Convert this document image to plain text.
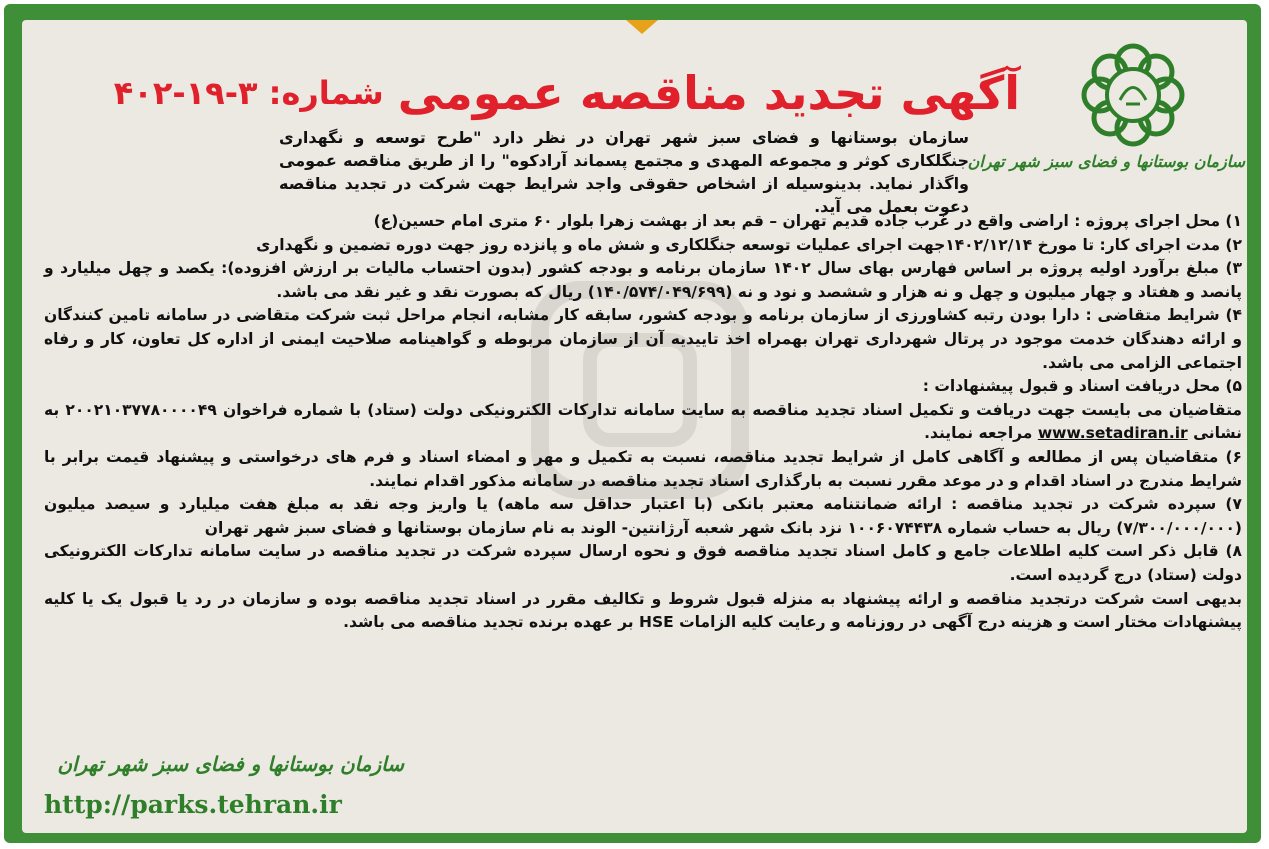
سازمان بوستانها و فضای سبز شهر تهران
آگهی تجدید مناقصه عمومی
شماره: ۳-۱۹-۴۰۲
سازمان بوستانها و فضای سبز شهر تهران در نظر دارد "طرح توسعه و نگهداری جنگلکاری کوثر و مجموعه المهدی و مجتمع پسماند آرادکوه" را از طریق مناقصه عمومی واگذار نماید. بدینوسیله از اشخاص حقوقی واجد شرایط جهت شرکت در تجدید مناقصه دعوت بعمل می آید.

۱) محل اجرای پروژه : اراضی واقع در غرب جاده قدیم تهران – قم بعد از بهشت زهرا بلوار ۶۰ متری امام حسین(ع)

۲) مدت اجرای کار: تا مورخ ۱۴۰۲/۱۲/۱۴جهت اجرای عملیات توسعه جنگلکاری و شش ماه و پانزده روز جهت دوره تضمین و نگهداری

۳) مبلغ برآورد اولیه پروژه بر اساس فهارس بهای سال ۱۴۰۲ سازمان برنامه و بودجه کشور (بدون احتساب مالیات بر ارزش افزوده): یکصد و چهل میلیارد و پانصد و هفتاد و چهار میلیون و چهل و نه هزار و ششصد و نود و نه (۱۴۰/۵۷۴/۰۴۹/۶۹۹) ریال که بصورت نقد و غیر نقد می باشد.

۴) شرایط متقاضی : دارا بودن رتبه کشاورزی از سازمان برنامه و بودجه کشور، سابقه کار مشابه، انجام مراحل ثبت شرکت متقاضی در سامانه تامین کنندگان و ارائه دهندگان خدمت موجود در پرتال شهرداری تهران بهمراه اخذ تاییدیه آن از سازمان مربوطه و گواهینامه صلاحیت ایمنی از اداره کل تعاون، کار و رفاه اجتماعی الزامی می باشد.

۵) محل دریافت اسناد و قبول پیشنهادات :

متقاضیان می بایست جهت دریافت و تکمیل اسناد تجدید مناقصه به سایت سامانه تدارکات الکترونیکی دولت (ستاد) با شماره فراخوان ۲۰۰۲۱۰۳۷۷۸۰۰۰۰۴۹ به نشانی www.setadiran.ir مراجعه نمایند.

۶) متقاضیان پس از مطالعه و آگاهی کامل از شرایط تجدید مناقصه، نسبت به تکمیل و مهر و امضاء اسناد و فرم های درخواستی و پیشنهاد قیمت برابر با شرایط مندرج در اسناد اقدام و در موعد مقرر نسبت به بارگذاری اسناد تجدید مناقصه در سامانه مذکور اقدام نمایند.

۷) سپرده شرکت در تجدید مناقصه : ارائه ضمانتنامه معتبر بانکی (با اعتبار حداقل سه ماهه) یا واریز وجه نقد به مبلغ هفت میلیارد و سیصد میلیون (۷/۳۰۰/۰۰۰/۰۰۰) ریال به حساب شماره ۱۰۰۶۰۷۴۴۳۸ نزد بانک شهر شعبه آرژانتین- الوند به نام سازمان بوستانها و فضای سبز شهر تهران

۸) قابل ذکر است کلیه اطلاعات جامع و کامل اسناد تجدید مناقصه فوق و نحوه ارسال سپرده شرکت در تجدید مناقصه در سایت سامانه تدارکات الکترونیکی دولت (ستاد) درج گردیده است.

بدیهی است شرکت درتجدید مناقصه و ارائه پیشنهاد به منزله قبول شروط و تکالیف مقرر در اسناد تجدید مناقصه بوده و سازمان در رد یا قبول یک یا کلیه پیشنهادات مختار است و هزینه درج آگهی در روزنامه و رعایت کلیه الزامات HSE بر عهده برنده تجدید مناقصه می باشد.

سازمان بوستانها و فضای سبز شهر تهران
http://parks.tehran.ir
